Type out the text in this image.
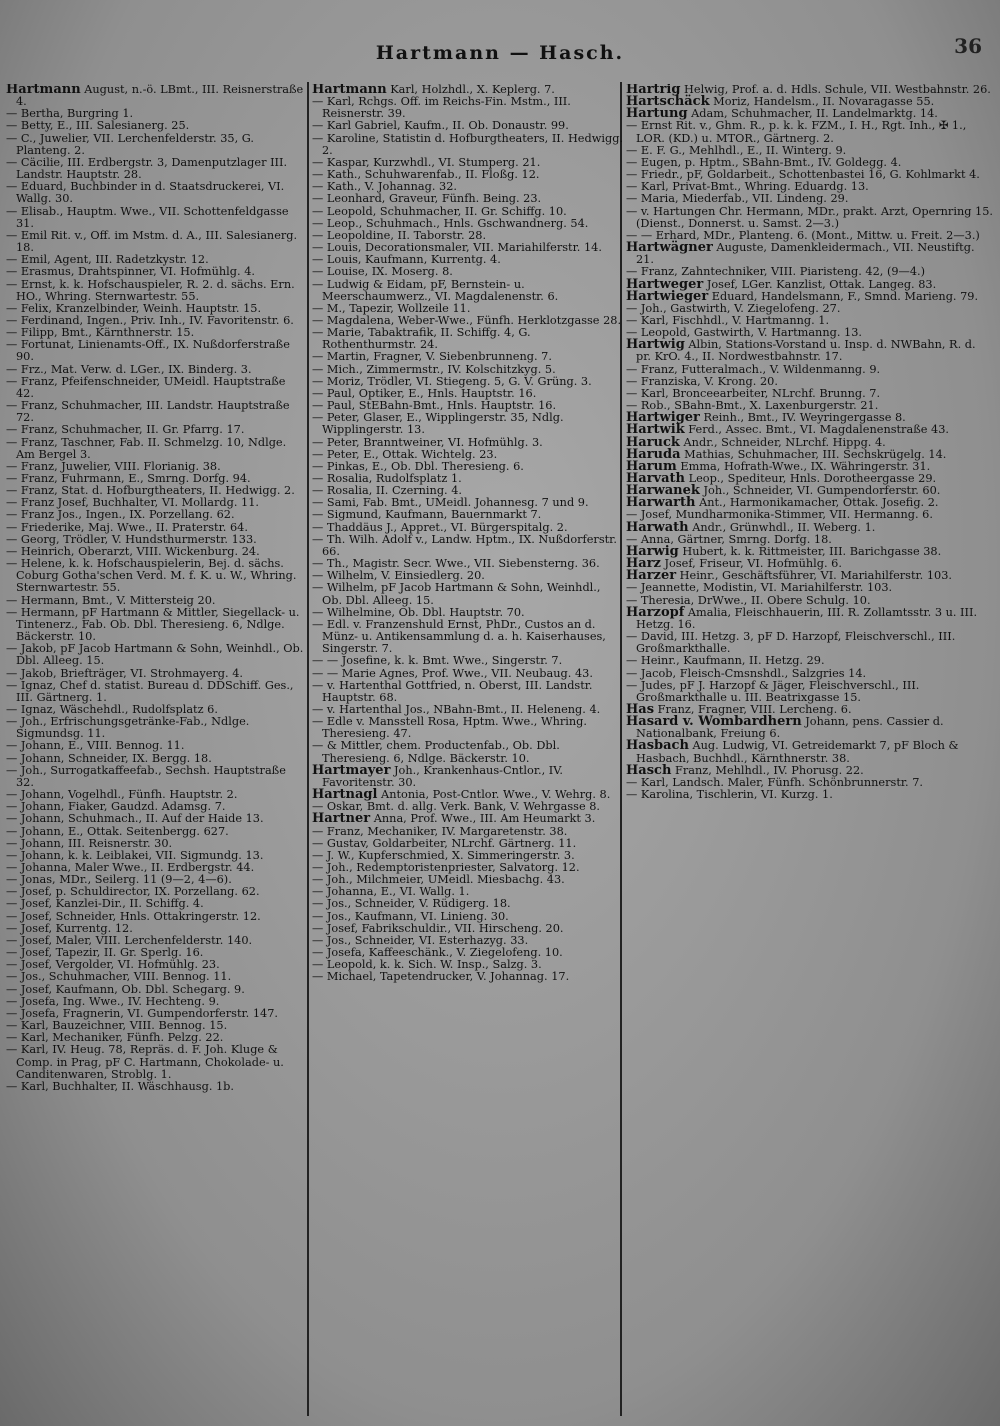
Hartmann — Hasch.	36

Hartmann August, n.-ö. LBmt., III. Reisnerstraße 4.

— Bertha, Burgring 1.

— Betty, E., III. Salesianerg. 25.

— C., Juwelier, VII. Lerchenfelderstr. 35, G. Planteng. 2.

— Cäcilie, III. Erdbergstr. 3, Damenputzlager III. Landstr. Hauptstr. 28.

— Eduard, Buchbinder in d. Staatsdruckerei, VI. Wallg. 30.

— Elisab., Hauptm. Wwe., VII. Schottenfeldgasse 31.

— Emil Rit. v., Off. im Mstm. d. A., III. Salesianerg. 18.

— Emil, Agent, III. Radetzkystr. 12.

— Erasmus, Drahtspinner, VI. Hofmühlg. 4.

— Ernst, k. k. Hofschauspieler, R. 2. d. sächs. Ern. HO., Whring. Sternwartestr. 55.

— Felix, Kranzelbinder, Weinh. Hauptstr. 15.

— Ferdinand, Ingen., Priv. Inh., IV. Favoritenstr. 6.

— Filipp, Bmt., Kärnthnerstr. 15.

— Fortunat, Linienamts-Off., IX. Nußdorferstraße 90.

— Frz., Mat. Verw. d. LGer., IX. Binderg. 3.

— Franz, Pfeifenschneider, UMeidl. Hauptstraße 42.

— Franz, Schuhmacher, III. Landstr. Hauptstraße 72.

— Franz, Schuhmacher, II. Gr. Pfarrg. 17.

— Franz, Taschner, Fab. II. Schmelzg. 10, Ndlge. Am Bergel 3.

— Franz, Juwelier, VIII. Florianig. 38.

— Franz, Fuhrmann, E., Smrng. Dorfg. 94.

— Franz, Stat. d. Hofburgtheaters, II. Hedwigg. 2.

— Franz Josef, Buchhalter, VI. Mollardg. 11.

— Franz Jos., Ingen., IX. Porzellang. 62.

— Friederike, Maj. Wwe., II. Praterstr. 64.

— Georg, Trödler, V. Hundsthurmerstr. 133.

— Heinrich, Oberarzt, VIII. Wickenburg. 24.

— Helene, k. k. Hofschauspielerin, Bej. d. sächs. Coburg Gotha'schen Verd. M. f. K. u. W., Whring. Sternwartestr. 55.

— Hermann, Bmt., V. Mittersteig 20.

— Hermann, pF Hartmann & Mittler, Siegellack- u. Tintenerz., Fab. Ob. Dbl. Theresieng. 6, Ndlge. Bäckerstr. 10.

— Jakob, pF Jacob Hartmann & Sohn, Weinhdl., Ob. Dbl. Alleeg. 15.

— Jakob, Briefträger, VI. Strohmayerg. 4.

— Ignaz, Chef d. statist. Bureau d. DDSchiff. Ges., III. Gärtnerg. 1.

— Ignaz, Wäschehdl., Rudolfsplatz 6.

— Joh., Erfrischungsgetränke-Fab., Ndlge. Sigmundsg. 11.

— Johann, E., VIII. Bennog. 11.

— Johann, Schneider, IX. Bergg. 18.

— Joh., Surrogatkaffeefab., Sechsh. Hauptstraße 32.

— Johann, Vogelhdl., Fünfh. Hauptstr. 2.

— Johann, Fiaker, Gaudzd. Adamsg. 7.

— Johann, Schuhmach., II. Auf der Haide 13.

— Johann, E., Ottak. Seitenbergg. 627.

— Johann, III. Reisnerstr. 30.

— Johann, k. k. Leiblakei, VII. Sigmundg. 13.

— Johanna, Maler Wwe., II. Erdbergstr. 44.

— Jonas, MDr., Seilerg. 11 (9—2, 4—6).

— Josef, p. Schuldirector, IX. Porzellang. 62.

— Josef, Kanzlei-Dir., II. Schiffg. 4.

— Josef, Schneider, Hnls. Ottakringerstr. 12.

— Josef, Kurrentg. 12.

— Josef, Maler, VIII. Lerchenfelderstr. 140.

— Josef, Tapezir, II. Gr. Sperlg. 16.

— Josef, Vergolder, VI. Hofmühlg. 23.

— Jos., Schuhmacher, VIII. Bennog. 11.

— Josef, Kaufmann, Ob. Dbl. Schegarg. 9.

— Josefa, Ing. Wwe., IV. Hechteng. 9.

— Josefa, Fragnerin, VI. Gumpendorferstr. 147.

— Karl, Bauzeichner, VIII. Bennog. 15.

— Karl, Mechaniker, Fünfh. Pelzg. 22.

— Karl, IV. Heug. 78, Repräs. d. F. Joh. Kluge & Comp. in Prag, pF C. Hartmann, Chokolade- u. Canditenwaren, Stroblg. 1.

— Karl, Buchhalter, II. Wäschhausg. 1b.

Hartmann Karl, Holzhdl., X. Keplerg. 7.

— Karl, Rchgs. Off. im Reichs-Fin. Mstm., III. Reisnerstr. 39.

— Karl Gabriel, Kaufm., II. Ob. Donaustr. 99.

— Karoline, Statistin d. Hofburgtheaters, II. Hedwigg. 2.

— Kaspar, Kurzwhdl., VI. Stumperg. 21.

— Kath., Schuhwarenfab., II. Floßg. 12.

— Kath., V. Johannag. 32.

— Leonhard, Graveur, Fünfh. Being. 23.

— Leopold, Schuhmacher, II. Gr. Schiffg. 10.

— Leop., Schuhmach., Hnls. Gschwandnerg. 54.

— Leopoldine, II. Taborstr. 28.

— Louis, Decorationsmaler, VII. Mariahilferstr. 14.

— Louis, Kaufmann, Kurrentg. 4.

— Louise, IX. Moserg. 8.

— Ludwig & Eidam, pF, Bernstein- u. Meerschaumwerz., VI. Magdalenenstr. 6.

— M., Tapezir, Wollzeile 11.

— Magdalena, Weber-Wwe., Fünfh. Herklotzgasse 28.

— Marie, Tabaktrafik, II. Schiffg. 4, G. Rothenthurmstr. 24.

— Martin, Fragner, V. Siebenbrunneng. 7.

— Mich., Zimmermstr., IV. Kolschitzkyg. 5.

— Moriz, Trödler, VI. Stiegeng. 5, G. V. Grüng. 3.

— Paul, Optiker, E., Hnls. Hauptstr. 16.

— Paul, StEBahn-Bmt., Hnls. Hauptstr. 16.

— Peter, Glaser, E., Wipplingerstr. 35, Ndlg. Wipplingerstr. 13.

— Peter, Branntweiner, VI. Hofmühlg. 3.

— Peter, E., Ottak. Wichtelg. 23.

— Pinkas, E., Ob. Dbl. Theresieng. 6.

— Rosalia, Rudolfsplatz 1.

— Rosalia, II. Czerning. 4.

— Sami, Fab. Bmt., UMeidl. Johannesg. 7 und 9.

— Sigmund, Kaufmann, Bauernmarkt 7.

— Thaddäus J., Appret., VI. Bürgerspitalg. 2.

— Th. Wilh. Adolf v., Landw. Hptm., IX. Nußdorferstr. 66.

— Th., Magistr. Secr. Wwe., VII. Siebensterng. 36.

— Wilhelm, V. Einsiedlerg. 20.

— Wilhelm, pF Jacob Hartmann & Sohn, Weinhdl., Ob. Dbl. Alleeg. 15.

— Wilhelmine, Ob. Dbl. Hauptstr. 70.

— Edl. v. Franzenshuld Ernst, PhDr., Custos an d. Münz- u. Antikensammlung d. a. h. Kaiserhauses, Singerstr. 7.

— — Josefine, k. k. Bmt. Wwe., Singerstr. 7.

— — Marie Agnes, Prof. Wwe., VII. Neubaug. 43.

— v. Hartenthal Gottfried, n. Oberst, III. Landstr. Hauptstr. 68.

— v. Hartenthal Jos., NBahn-Bmt., II. Heleneng. 4.

— Edle v. Mansstell Rosa, Hptm. Wwe., Whring. Theresieng. 47.

— & Mittler, chem. Productenfab., Ob. Dbl. Theresieng. 6, Ndlge. Bäckerstr. 10.

Hartmayer Joh., Krankenhaus-Cntlor., IV. Favoritenstr. 30.

Hartnagl Antonia, Post-Cntlor. Wwe., V. Wehrg. 8.

— Oskar, Bmt. d. allg. Verk. Bank, V. Wehrgasse 8.

Hartner Anna, Prof. Wwe., III. Am Heumarkt 3.

— Franz, Mechaniker, IV. Margaretenstr. 38.

— Gustav, Goldarbeiter, NLrchf. Gärtnerg. 11.

— J. W., Kupferschmied, X. Simmeringerstr. 3.

— Joh., Redemptoristenpriester, Salvatorg. 12.

— Joh., Milchmeier, UMeidl. Miesbachg. 43.

— Johanna, E., VI. Wallg. 1.

— Jos., Schneider, V. Rüdigerg. 18.

— Jos., Kaufmann, VI. Linieng. 30.

— Josef, Fabrikschuldir., VII. Hirscheng. 20.

— Jos., Schneider, VI. Esterhazyg. 33.

— Josefa, Kaffeeschänk., V. Ziegelofeng. 10.

— Leopold, k. k. Sich. W. Insp., Salzg. 3.

— Michael, Tapetendrucker, V. Johannag. 17.

Hartrig Helwig, Prof. a. d. Hdls. Schule, VII. Westbahnstr. 26.

Hartschäck Moriz, Handelsm., II. Novaragasse 55.

Hartung Adam, Schuhmacher, II. Landelmarktg. 14.

— Ernst Rit. v., Ghm. R., p. k. k. FZM., I. H., Rgt. Inh., ✠ 1., LOR. (KD.) u. MTOR., Gärtnerg. 2.

— E. F. G., Mehlhdl., E., II. Winterg. 9.

— Eugen, p. Hptm., SBahn-Bmt., IV. Goldegg. 4.

— Friedr., pF, Goldarbeit., Schottenbastei 16, G. Kohlmarkt 4.

— Karl, Privat-Bmt., Whring. Eduardg. 13.

— Maria, Miederfab., VII. Lindeng. 29.

— v. Hartungen Chr. Hermann, MDr., prakt. Arzt, Opernring 15. (Dienst., Donnerst. u. Samst. 2—3.)

— — Erhard, MDr., Planteng. 6. (Mont., Mittw. u. Freit. 2—3.)

Hartwägner Auguste, Damenkleidermach., VII. Neustiftg. 21.

— Franz, Zahntechniker, VIII. Piaristeng. 42, (9—4.)

Hartweger Josef, LGer. Kanzlist, Ottak. Langeg. 83.

Hartwieger Eduard, Handelsmann, F., Smnd. Marieng. 79.

— Joh., Gastwirth, V. Ziegelofeng. 27.

— Karl, Fischhdl., V. Hartmanng. 1.

— Leopold, Gastwirth, V. Hartmanng. 13.

Hartwig Albin, Stations-Vorstand u. Insp. d. NWBahn, R. d. pr. KrO. 4., II. Nordwestbahnstr. 17.

— Franz, Futteralmach., V. Wildenmanng. 9.

— Franziska, V. Krong. 20.

— Karl, Bronceearbeiter, NLrchf. Brunng. 7.

— Rob., SBahn-Bmt., X. Laxenburgerstr. 21.

Hartwiger Reinh., Bmt., IV. Weyringergasse 8.

Hartwik Ferd., Assec. Bmt., VI. Magdalenenstraße 43.

Haruck Andr., Schneider, NLrchf. Hippg. 4.

Haruda Mathias, Schuhmacher, III. Sechskrügelg. 14.

Harum Emma, Hofrath-Wwe., IX. Währingerstr. 31.

Harvath Leop., Spediteur, Hnls. Dorotheergasse 29.

Harwanek Joh., Schneider, VI. Gumpendorferstr. 60.

Harwarth Ant., Harmonikamacher, Ottak. Josefig. 2.

— Josef, Mundharmonika-Stimmer, VII. Hermanng. 6.

Harwath Andr., Grünwhdl., II. Weberg. 1.

— Anna, Gärtner, Smrng. Dorfg. 18.

Harwig Hubert, k. k. Rittmeister, III. Barichgasse 38.

Harz Josef, Friseur, VI. Hofmühlg. 6.

Harzer Heinr., Geschäftsführer, VI. Mariahilferstr. 103.

— Jeannette, Modistin, VI. Mariahilferstr. 103.

— Theresia, DrWwe., II. Obere Schulg. 10.

Harzopf Amalia, Fleischhauerin, III. R. Zollamtsstr. 3 u. III. Hetzg. 16.

— David, III. Hetzg. 3, pF D. Harzopf, Fleischverschl., III. Großmarkthalle.

— Heinr., Kaufmann, II. Hetzg. 29.

— Jacob, Fleisch-Cmsnshdl., Salzgries 14.

— Judes, pF J. Harzopf & Jäger, Fleischverschl., III. Großmarkthalle u. III. Beatrixgasse 15.

Has Franz, Fragner, VIII. Lercheng. 6.

Hasard v. Wombardhern Johann, pens. Cassier d. Nationalbank, Freiung 6.

Hasbach Aug. Ludwig, VI. Getreidemarkt 7, pF Bloch & Hasbach, Buchhdl., Kärnthnerstr. 38.

Hasch Franz, Mehlhdl., IV. Phorusg. 22.

— Karl, Landsch. Maler, Fünfh. Schönbrunnerstr. 7.

— Karolina, Tischlerin, VI. Kurzg. 1.
